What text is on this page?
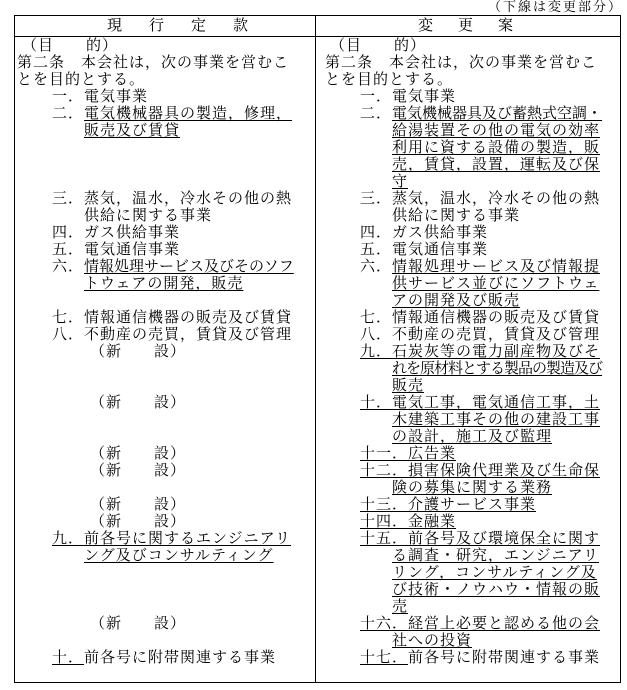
（下線は変更部分）
現　行　定　款	変　更　案
（目　　的）
第二条　本会社は，次の事業を営むこ
とを目的とする。
一．電気事業
二．電気機械器具の製造，修理，
販売及び賃貸
三．蒸気，温水，冷水その他の熱
供給に関する事業
四．ガス供給事業
五．電気通信事業
六．情報処理サービス及びそのソフ
トウェアの開発，販売
七．情報通信機器の販売及び賃貸
八．不動産の売買，賃貸及び管理
（新　　設）
（新　　設）
（新　　設）
（新　　設）
（新　　設）
（新　　設）
九．前各号に関するエンジニアリ
ング及びコンサルティング
（新　　設）
十．前各号に附帯関連する事業
（目　　的）
第二条　本会社は，次の事業を営むこ
とを目的とする。
一．電気事業
二．電気機械器具及び蓄熱式空調・
給湯装置その他の電気の効率
利用に資する設備の製造，販
売，賃貸，設置，運転及び保
守
三．蒸気，温水，冷水その他の熱
供給に関する事業
四．ガス供給事業
五．電気通信事業
六．情報処理サービス及び情報提
供サービス並びにソフトウェ
アの開発及び販売
七．情報通信機器の販売及び賃貸
八．不動産の売買，賃貸及び管理
九．石炭灰等の電力副産物及びそ
れを原材料とする製品の製造及び
販売
十．電気工事，電気通信工事，土
木建築工事その他の建設工事
の設計，施工及び監理
十一．広告業
十二．損害保険代理業及び生命保
険の募集に関する業務
十三．介護サービス事業
十四．金融業
十五．前各号及び環境保全に関す
る調査・研究，エンジニアリ
リング，コンサルティング及
び技術・ノウハウ・情報の販
売
十六．経営上必要と認める他の会
社への投資
十七．前各号に附帯関連する事業
